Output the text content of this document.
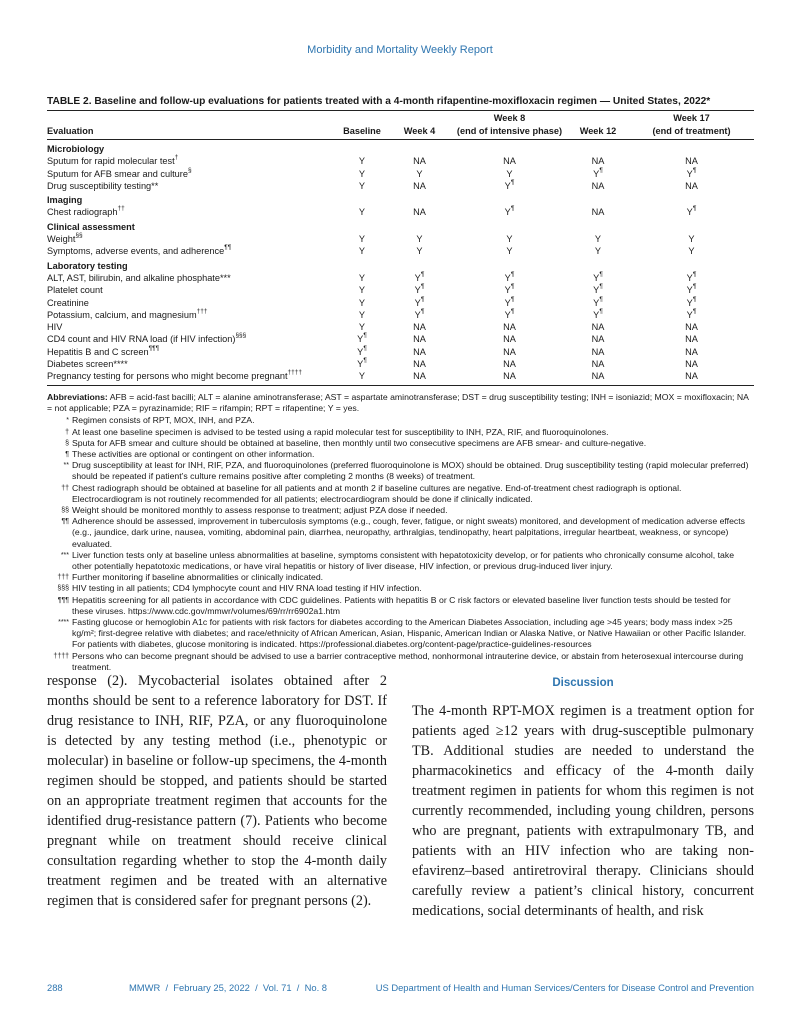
Morbidity and Mortality Weekly Report
TABLE 2. Baseline and follow-up evaluations for patients treated with a 4-month rifapentine-moxifloxacin regimen — United States, 2022*
			Week 8		Week 17
Evaluation	Baseline	Week 4	(end of intensive phase)	Week 12	(end of treatment)
Microbiology					
Sputum for rapid molecular test†	Y	NA	NA	NA	NA
Sputum for AFB smear and culture§	Y	Y	Y	Y¶	Y¶
Drug susceptibility testing**	Y	NA	Y¶	NA	NA

Imaging					
Chest radiograph††	Y	NA	Y¶	NA	Y¶

Clinical assessment					
Weight§§	Y	Y	Y	Y	Y
Symptoms, adverse events, and adherence¶¶	Y	Y	Y	Y	Y

Laboratory testing					
ALT, AST, bilirubin, and alkaline phosphate***	Y	Y¶	Y¶	Y¶	Y¶
Platelet count	Y	Y¶	Y¶	Y¶	Y¶
Creatinine	Y	Y¶	Y¶	Y¶	Y¶
Potassium, calcium, and magnesium†††	Y	Y¶	Y¶	Y¶	Y¶
HIV	Y	NA	NA	NA	NA
CD4 count and HIV RNA load (if HIV infection)§§§	Y¶	NA	NA	NA	NA
Hepatitis B and C screen¶¶¶	Y¶	NA	NA	NA	NA
Diabetes screen****	Y¶	NA	NA	NA	NA
Pregnancy testing for persons who might become pregnant††††	Y	NA	NA	NA	NA
Abbreviations: AFB = acid-fast bacilli; ALT = alanine aminotransferase; AST = aspartate aminotransferase; DST = drug susceptibility testing; INH = isoniazid; MOX = moxifloxacin; NA = not applicable; PZA = pyrazinamide; RIF = rifampin; RPT = rifapentine; Y = yes.
* Regimen consists of RPT, MOX, INH, and PZA.
† At least one baseline specimen is advised to be tested using a rapid molecular test for susceptibility to INH, PZA, RIF, and fluoroquinolones.
§ Sputa for AFB smear and culture should be obtained at baseline, then monthly until two consecutive specimens are AFB smear- and culture-negative.
¶ These activities are optional or contingent on other information.
** Drug susceptibility at least for INH, RIF, PZA, and fluoroquinolones (preferred fluoroquinolone is MOX) should be obtained. Drug susceptibility testing (rapid molecular preferred) should be repeated if patient’s culture remains positive after completing 2 months (8 weeks) of treatment.
†† Chest radiograph should be obtained at baseline for all patients and at month 2 if baseline cultures are negative. End-of-treatment chest radiograph is optional. Electrocardiogram is not routinely recommended for all patients; electrocardiogram should be done if clinically indicated.
§§ Weight should be monitored monthly to assess response to treatment; adjust PZA dose if needed.
¶¶ Adherence should be assessed, improvement in tuberculosis symptoms (e.g., cough, fever, fatigue, or night sweats) monitored, and development of medication adverse effects (e.g., jaundice, dark urine, nausea, vomiting, abdominal pain, diarrhea, neuropathy, arthralgias, tendinopathy, heart palpitations, irregular heartbeat, weakness, or syncope) evaluated.
*** Liver function tests only at baseline unless abnormalities at baseline, symptoms consistent with hepatotoxicity develop, or for patients who chronically consume alcohol, take other potentially hepatotoxic medications, or have viral hepatitis or history of liver disease, HIV infection, or previous drug-induced liver injury.
††† Further monitoring if baseline abnormalities or clinically indicated.
§§§ HIV testing in all patients; CD4 lymphocyte count and HIV RNA load testing if HIV infection.
¶¶¶ Hepatitis screening for all patients in accordance with CDC guidelines. Patients with hepatitis B or C risk factors or elevated baseline liver function tests should be tested for these viruses. https://www.cdc.gov/mmwr/volumes/69/rr/rr6902a1.htm
**** Fasting glucose or hemoglobin A1c for patients with risk factors for diabetes according to the American Diabetes Association, including age >45 years; body mass index >25 kg/m²; first-degree relative with diabetes; and race/ethnicity of African American, Asian, Hispanic, American Indian or Alaska Native, or Native Hawaiian or other Pacific Islander. For patients with diabetes, glucose monitoring is indicated. https://professional.diabetes.org/content-page/practice-guidelines-resources
†††† Persons who can become pregnant should be advised to use a barrier contraceptive method, nonhormonal intrauterine device, or abstain from heterosexual intercourse during treatment.
response (2). Mycobacterial isolates obtained after 2 months should be sent to a reference laboratory for DST. If drug resistance to INH, RIF, PZA, or any fluoroquinolone is detected by any testing method (i.e., phenotypic or molecular) in baseline or follow-up specimens, the 4-month regimen should be stopped, and patients should be started on an appropriate treatment regimen that accounts for the identified drug-resistance pattern (7). Patients who become pregnant while on treatment should receive clinical consultation regarding whether to stop the 4-month daily treatment regimen and be treated with an alternative regimen that is considered safer for pregnant persons (2).
Discussion
The 4-month RPT-MOX regimen is a treatment option for patients aged ≥12 years with drug-susceptible pulmonary TB. Additional studies are needed to understand the pharmacokinetics and efficacy of the 4-month daily treatment regimen in patients for whom this regimen is not currently recommended, including young children, persons who are pregnant, patients with extrapulmonary TB, and patients with an HIV infection who are taking non-efavirenz–based antiretroviral therapy. Clinicians should carefully review a patient’s clinical history, concurrent medications, social determinants of health, and risk
288	MMWR  /  February 25, 2022  /  Vol. 71  /  No. 8	US Department of Health and Human Services/Centers for Disease Control and Prevention
